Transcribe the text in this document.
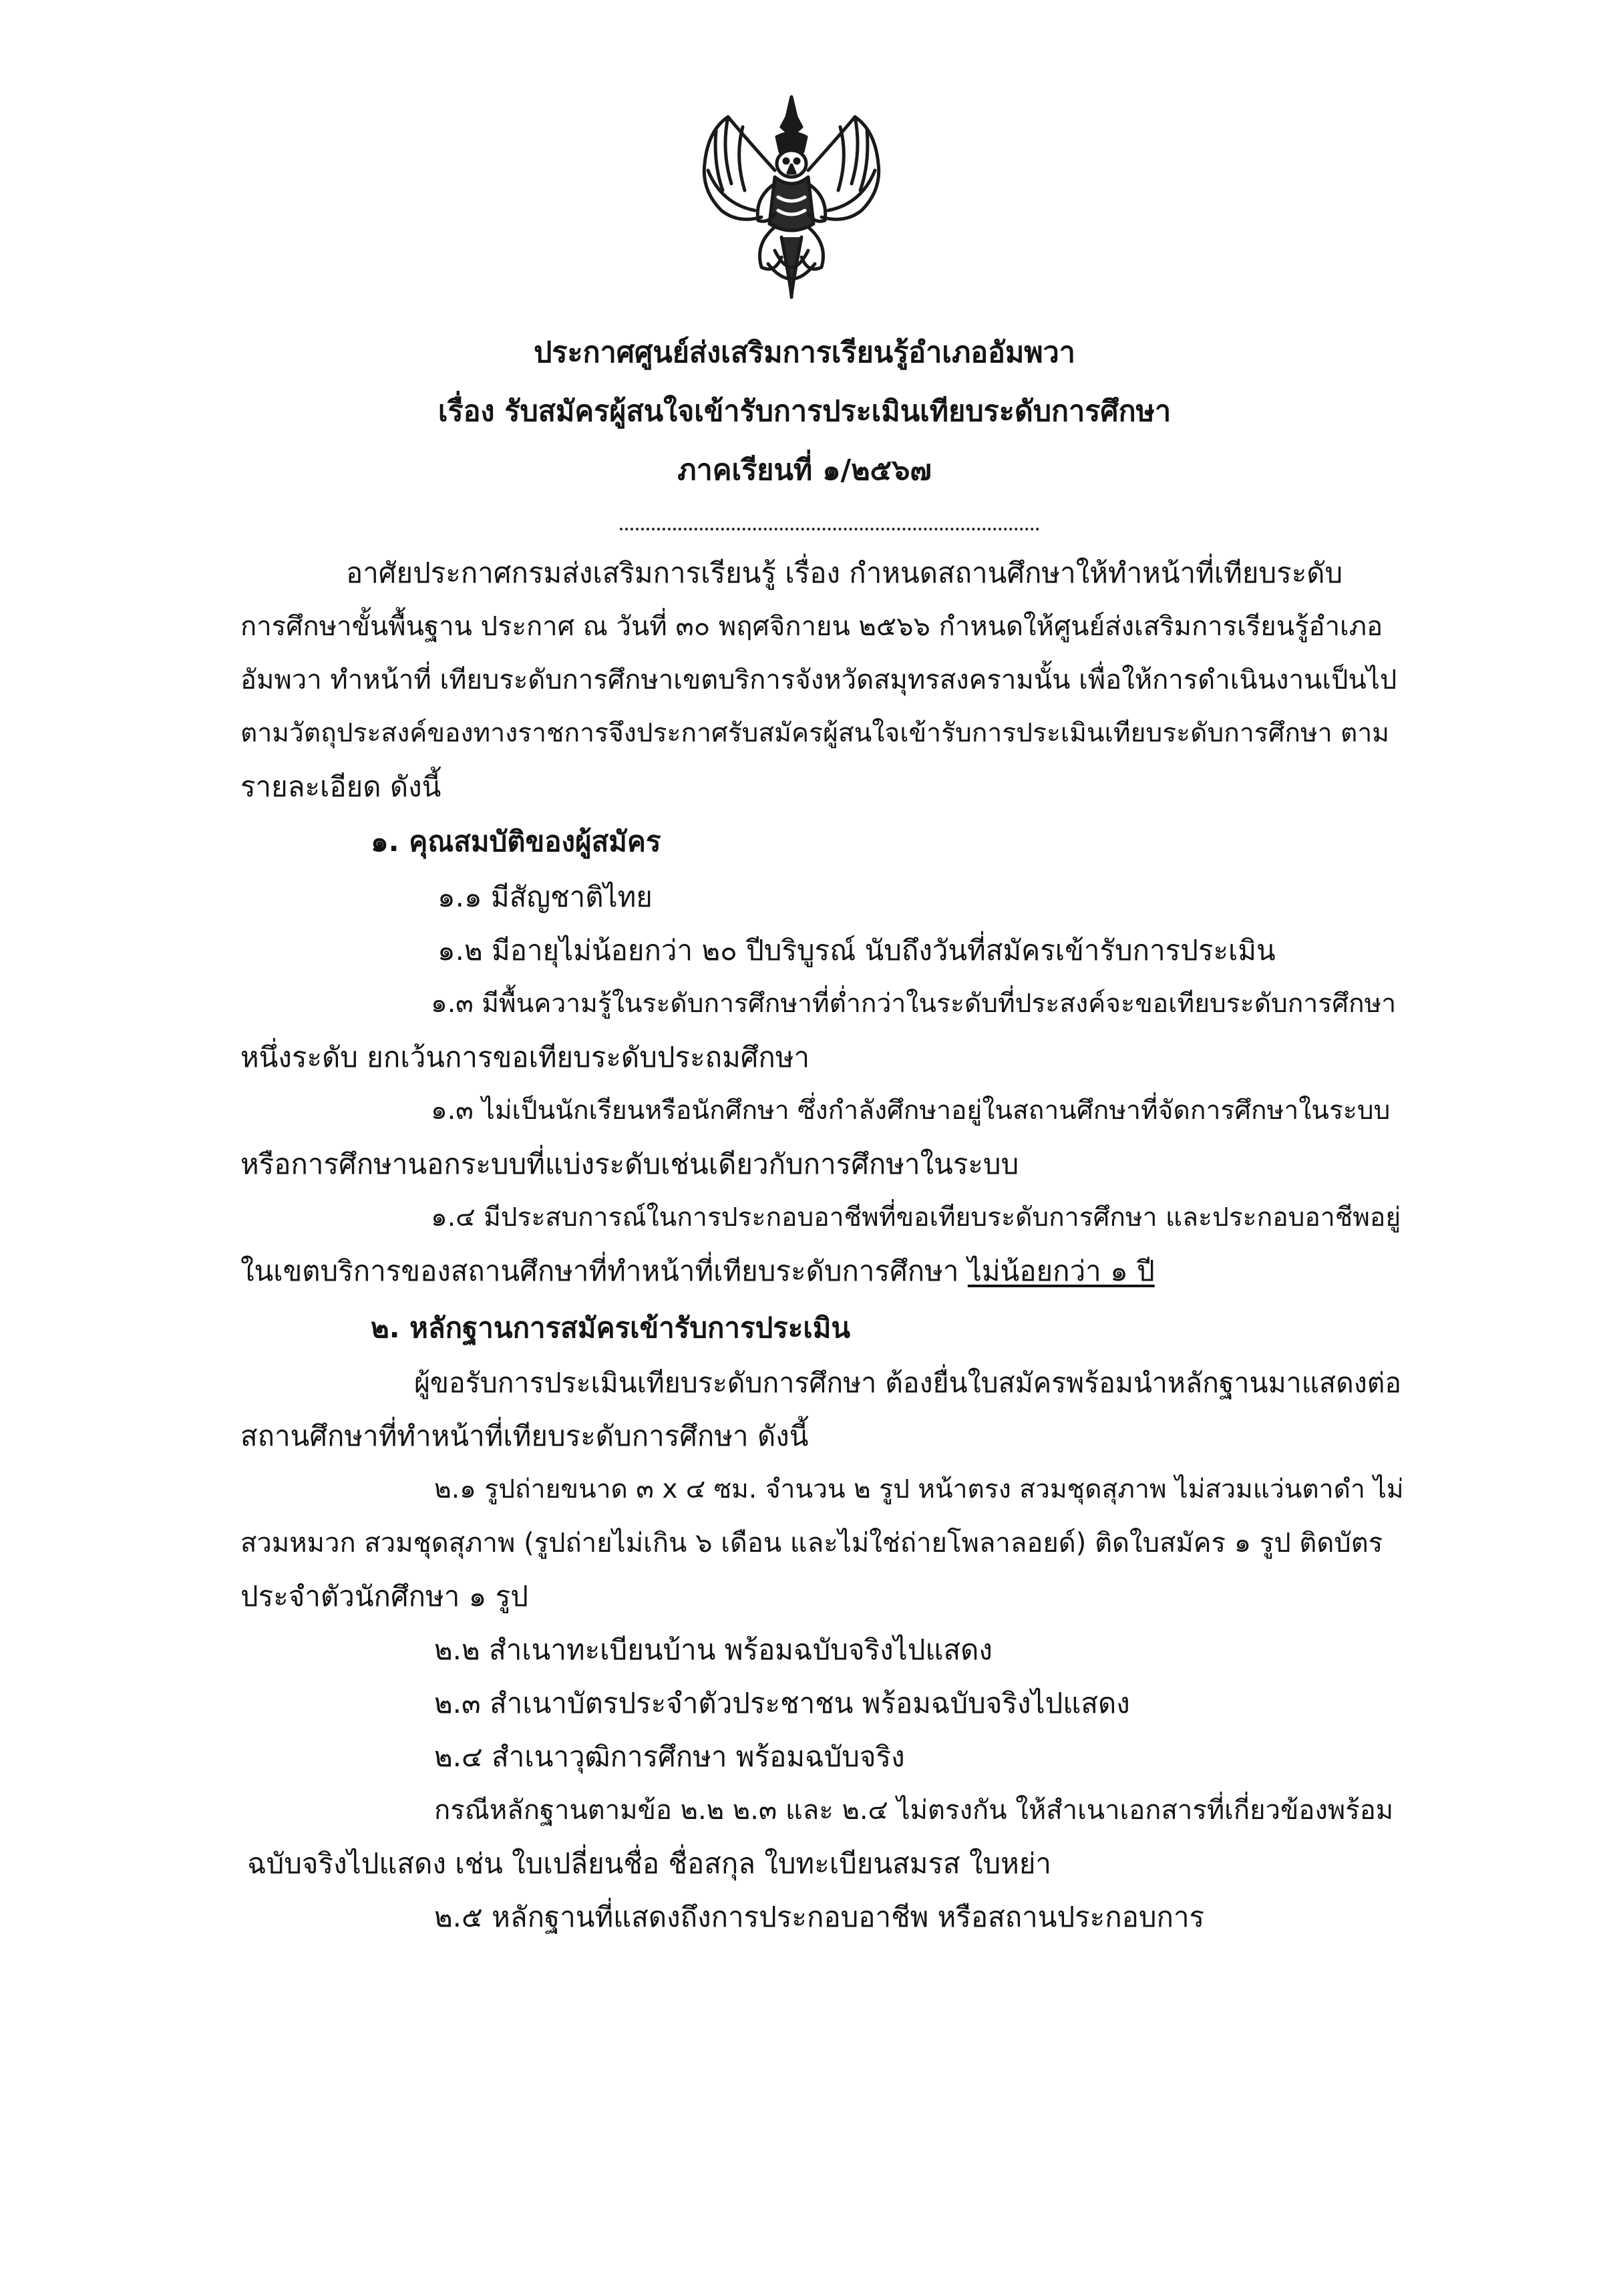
ประกาศศูนย์ส่งเสริมการเรียนรู้อำเภออัมพวา
เรื่อง รับสมัครผู้สนใจเข้ารับการประเมินเทียบระดับการศึกษา
ภาคเรียนที่ ๑/๒๕๖๗
อาศัยประกาศกรมส่งเสริมการเรียนรู้ เรื่อง กำหนดสถานศึกษาให้ทำหน้าที่เทียบระดับ
การศึกษาขั้นพื้นฐาน ประกาศ ณ วันที่ ๓๐ พฤศจิกายน ๒๕๖๖ กำหนดให้ศูนย์ส่งเสริมการเรียนรู้อำเภอ
อัมพวา ทำหน้าที่ เทียบระดับการศึกษาเขตบริการจังหวัดสมุทรสงครามนั้น เพื่อให้การดำเนินงานเป็นไป
ตามวัตถุประสงค์ของทางราชการจึงประกาศรับสมัครผู้สนใจเข้ารับการประเมินเทียบระดับการศึกษา ตาม
รายละเอียด ดังนี้
๑. คุณสมบัติของผู้สมัคร
๑.๑ มีสัญชาติไทย
๑.๒ มีอายุไม่น้อยกว่า ๒๐ ปีบริบูรณ์ นับถึงวันที่สมัครเข้ารับการประเมิน
๑.๓ มีพื้นความรู้ในระดับการศึกษาที่ต่ำกว่าในระดับที่ประสงค์จะขอเทียบระดับการศึกษา
หนึ่งระดับ ยกเว้นการขอเทียบระดับประถมศึกษา
๑.๓ ไม่เป็นนักเรียนหรือนักศึกษา ซึ่งกำลังศึกษาอยู่ในสถานศึกษาที่จัดการศึกษาในระบบ
หรือการศึกษานอกระบบที่แบ่งระดับเช่นเดียวกับการศึกษาในระบบ
๑.๔ มีประสบการณ์ในการประกอบอาชีพที่ขอเทียบระดับการศึกษา และประกอบอาชีพอยู่
ในเขตบริการของสถานศึกษาที่ทำหน้าที่เทียบระดับการศึกษา ไม่น้อยกว่า ๑ ปี
๒. หลักฐานการสมัครเข้ารับการประเมิน
ผู้ขอรับการประเมินเทียบระดับการศึกษา ต้องยื่นใบสมัครพร้อมนำหลักฐานมาแสดงต่อ
สถานศึกษาที่ทำหน้าที่เทียบระดับการศึกษา ดังนี้
๒.๑ รูปถ่ายขนาด ๓ x ๔ ซม. จำนวน ๒ รูป หน้าตรง สวมชุดสุภาพ ไม่สวมแว่นตาดำ ไม่
สวมหมวก สวมชุดสุภาพ (รูปถ่ายไม่เกิน ๖ เดือน และไม่ใช่ถ่ายโพลาลอยด์) ติดใบสมัคร ๑ รูป ติดบัตร
ประจำตัวนักศึกษา ๑ รูป
๒.๒ สำเนาทะเบียนบ้าน พร้อมฉบับจริงไปแสดง
๒.๓ สำเนาบัตรประจำตัวประชาชน พร้อมฉบับจริงไปแสดง
๒.๔ สำเนาวุฒิการศึกษา พร้อมฉบับจริง
กรณีหลักฐานตามข้อ ๒.๒ ๒.๓ และ ๒.๔ ไม่ตรงกัน ให้สำเนาเอกสารที่เกี่ยวข้องพร้อม
ฉบับจริงไปแสดง เช่น ใบเปลี่ยนชื่อ ชื่อสกุล ใบทะเบียนสมรส ใบหย่า
๒.๕ หลักฐานที่แสดงถึงการประกอบอาชีพ หรือสถานประกอบการ
